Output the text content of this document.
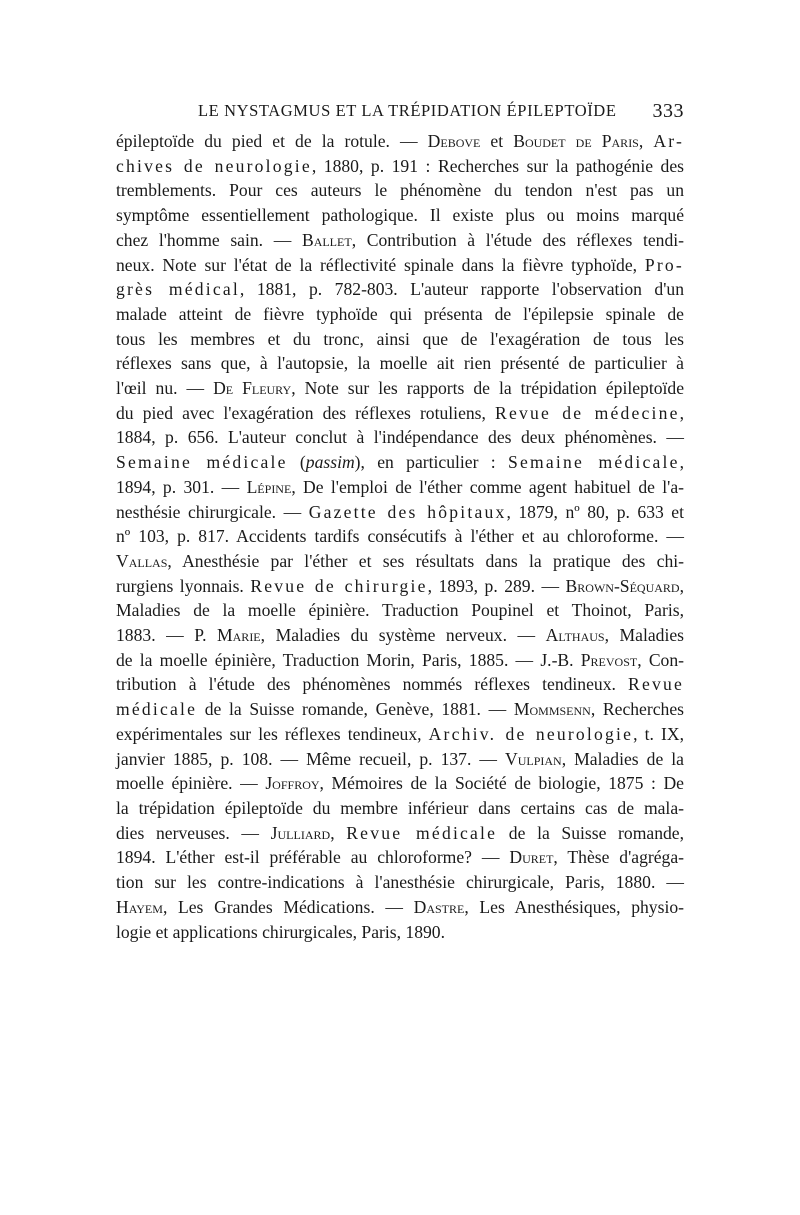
LE NYSTAGMUS ET LA TRÉPIDATION ÉPILEPTOÏDE 333
épileptoïde du pied et de la rotule. — Debove et Boudet de Paris, Ar-
chives de neurologie, 1880, p. 191 : Recherches sur la pathogénie des
tremblements. Pour ces auteurs le phénomène du tendon n'est pas un
symptôme essentiellement pathologique. Il existe plus ou moins marqué
chez l'homme sain. — Ballet, Contribution à l'étude des réflexes tendi-
neux. Note sur l'état de la réflectivité spinale dans la fièvre typhoïde, Pro-
grès médical, 1881, p. 782-803. L'auteur rapporte l'observation d'un
malade atteint de fièvre typhoïde qui présenta de l'épilepsie spinale de
tous les membres et du tronc, ainsi que de l'exagération de tous les
réflexes sans que, à l'autopsie, la moelle ait rien présenté de particulier à
l'œil nu. — De Fleury, Note sur les rapports de la trépidation épileptoïde
du pied avec l'exagération des réflexes rotuliens, Revue de médecine,
1884, p. 656. L'auteur conclut à l'indépendance des deux phénomènes. —
Semaine médicale (passim), en particulier : Semaine médicale,
1894, p. 301. — Lépine, De l'emploi de l'éther comme agent habituel de l'a-
nesthésie chirurgicale. — Gazette des hôpitaux, 1879, nº 80, p. 633 et
nº 103, p. 817. Accidents tardifs consécutifs à l'éther et au chloroforme. —
Vallas, Anesthésie par l'éther et ses résultats dans la pratique des chi-
rurgiens lyonnais. Revue de chirurgie, 1893, p. 289. — Brown-Séquard,
Maladies de la moelle épinière. Traduction Poupinel et Thoinot, Paris,
1883. — P. Marie, Maladies du système nerveux. — Althaus, Maladies
de la moelle épinière, Traduction Morin, Paris, 1885. — J.-B. Prevost, Con-
tribution à l'étude des phénomènes nommés réflexes tendineux. Revue
médicale de la Suisse romande, Genève, 1881. — Mommsenn, Recherches
expérimentales sur les réflexes tendineux, Archiv. de neurologie, t. IX,
janvier 1885, p. 108. — Même recueil, p. 137. — Vulpian, Maladies de la
moelle épinière. — Joffroy, Mémoires de la Société de biologie, 1875 : De
la trépidation épileptoïde du membre inférieur dans certains cas de mala-
dies nerveuses. — Julliard, Revue médicale de la Suisse romande,
1894. L'éther est-il préférable au chloroforme? — Duret, Thèse d'agréga-
tion sur les contre-indications à l'anesthésie chirurgicale, Paris, 1880. —
Hayem, Les Grandes Médications. — Dastre, Les Anesthésiques, physio-
logie et applications chirurgicales, Paris, 1890.
